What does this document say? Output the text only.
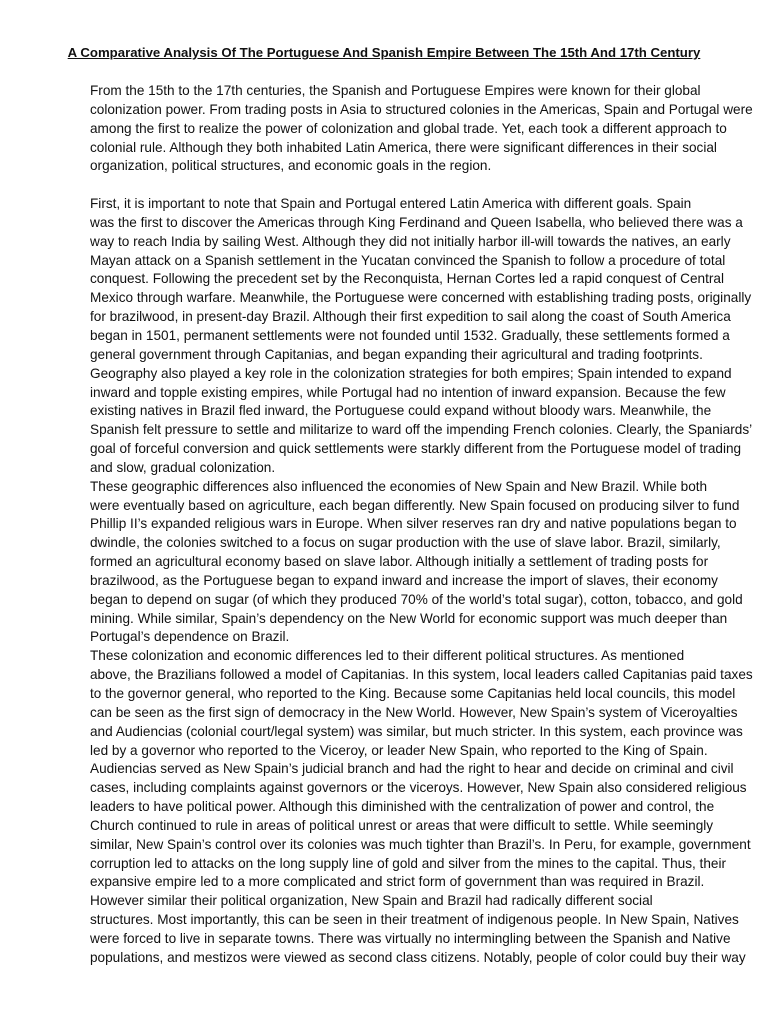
A Comparative Analysis Of The Portuguese And Spanish Empire Between The 15th And 17th Century

From the 15th to the 17th centuries, the Spanish and Portuguese Empires were known for their global
colonization power. From trading posts in Asia to structured colonies in the Americas, Spain and Portugal were
among the first to realize the power of colonization and global trade. Yet, each took a different approach to
colonial rule. Although they both inhabited Latin America, there were significant differences in their social
organization, political structures, and economic goals in the region.

First, it is important to note that Spain and Portugal entered Latin America with different goals. Spain
was the first to discover the Americas through King Ferdinand and Queen Isabella, who believed there was a
way to reach India by sailing West. Although they did not initially harbor ill-will towards the natives, an early
Mayan attack on a Spanish settlement in the Yucatan convinced the Spanish to follow a procedure of total
conquest. Following the precedent set by the Reconquista, Hernan Cortes led a rapid conquest of Central
Mexico through warfare. Meanwhile, the Portuguese were concerned with establishing trading posts, originally
for brazilwood, in present-day Brazil. Although their first expedition to sail along the coast of South America
began in 1501, permanent settlements were not founded until 1532. Gradually, these settlements formed a
general government through Capitanias, and began expanding their agricultural and trading footprints.
Geography also played a key role in the colonization strategies for both empires; Spain intended to expand
inward and topple existing empires, while Portugal had no intention of inward expansion. Because the few
existing natives in Brazil fled inward, the Portuguese could expand without bloody wars. Meanwhile, the
Spanish felt pressure to settle and militarize to ward off the impending French colonies. Clearly, the Spaniards’
goal of forceful conversion and quick settlements were starkly different from the Portuguese model of trading
and slow, gradual colonization.

These geographic differences also influenced the economies of New Spain and New Brazil. While both
were eventually based on agriculture, each began differently. New Spain focused on producing silver to fund
Phillip II’s expanded religious wars in Europe. When silver reserves ran dry and native populations began to
dwindle, the colonies switched to a focus on sugar production with the use of slave labor. Brazil, similarly,
formed an agricultural economy based on slave labor. Although initially a settlement of trading posts for
brazilwood, as the Portuguese began to expand inward and increase the import of slaves, their economy
began to depend on sugar (of which they produced 70% of the world’s total sugar), cotton, tobacco, and gold
mining. While similar, Spain’s dependency on the New World for economic support was much deeper than
Portugal’s dependence on Brazil.

These colonization and economic differences led to their different political structures. As mentioned
above, the Brazilians followed a model of Capitanias. In this system, local leaders called Capitanias paid taxes
to the governor general, who reported to the King. Because some Capitanias held local councils, this model
can be seen as the first sign of democracy in the New World. However, New Spain’s system of Viceroyalties
and Audiencias (colonial court/legal system) was similar, but much stricter. In this system, each province was
led by a governor who reported to the Viceroy, or leader New Spain, who reported to the King of Spain.
Audiencias served as New Spain’s judicial branch and had the right to hear and decide on criminal and civil
cases, including complaints against governors or the viceroys. However, New Spain also considered religious
leaders to have political power. Although this diminished with the centralization of power and control, the
Church continued to rule in areas of political unrest or areas that were difficult to settle. While seemingly
similar, New Spain’s control over its colonies was much tighter than Brazil’s. In Peru, for example, government
corruption led to attacks on the long supply line of gold and silver from the mines to the capital. Thus, their
expansive empire led to a more complicated and strict form of government than was required in Brazil.

However similar their political organization, New Spain and Brazil had radically different social
structures. Most importantly, this can be seen in their treatment of indigenous people. In New Spain, Natives
were forced to live in separate towns. There was virtually no intermingling between the Spanish and Native
populations, and mestizos were viewed as second class citizens. Notably, people of color could buy their way
